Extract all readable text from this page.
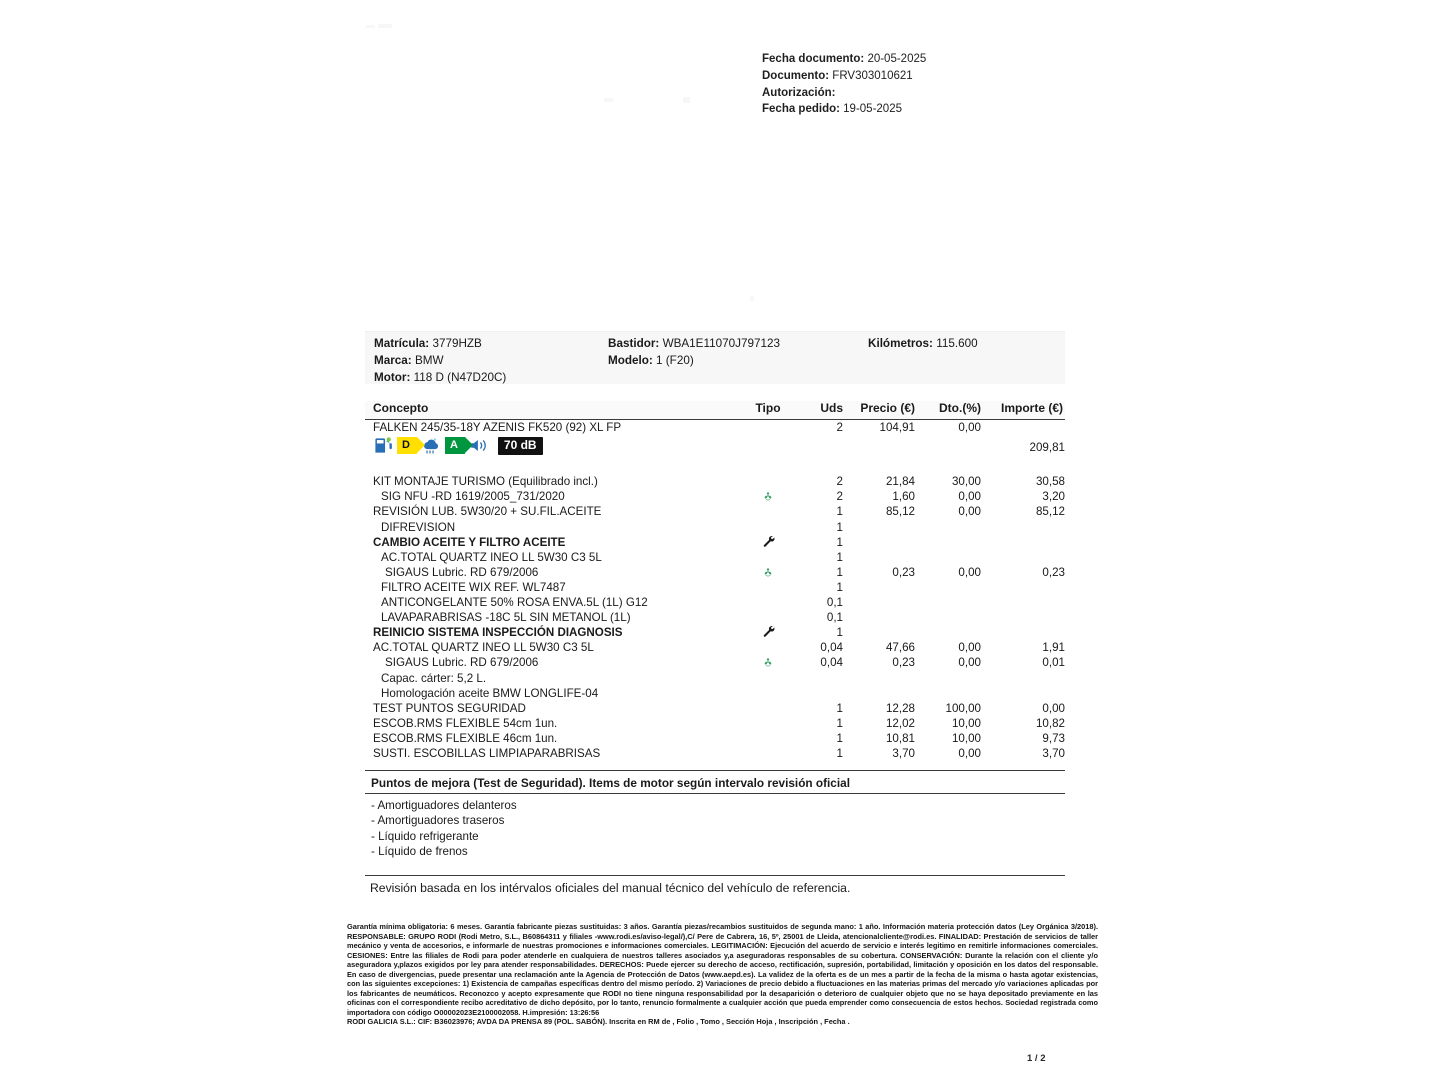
Fecha documento: 20-05-2025
Documento: FRV303010621
Autorización:
Fecha pedido: 19-05-2025
Matrícula: 3779HZB
Marca: BMW
Motor: 118 D (N47D20C)
Bastidor: WBA1E11070J797123
Modelo: 1 (F20)
Kilómetros: 115.600
Concepto	Tipo	Uds	Precio (€)	Dto.(%)	Importe (€)
FALKEN 245/35-18Y AZENIS FK520 (92) XL FP		2	104,91	0,00	

D A 70 dB					209,81

KIT MONTAJE TURISMO (Equilibrado incl.)		2	21,84	30,00	30,58
SIG NFU -RD 1619/2005_731/2020		2	1,60	0,00	3,20
REVISIÓN LUB. 5W30/20 + SU.FIL.ACEITE		1	85,12	0,00	85,12
DIFREVISION		1			
CAMBIO ACEITE Y FILTRO ACEITE		1			
AC.TOTAL QUARTZ INEO LL 5W30 C3 5L		1			
SIGAUS Lubric. RD 679/2006		1	0,23	0,00	0,23
FILTRO ACEITE WIX REF. WL7487		1			
ANTICONGELANTE 50% ROSA ENVA.5L (1L) G12		0,1			
LAVAPARABRISAS -18C 5L SIN METANOL (1L)		0,1			
REINICIO SISTEMA INSPECCIÓN DIAGNOSIS		1			
AC.TOTAL QUARTZ INEO LL 5W30 C3 5L		0,04	47,66	0,00	1,91
SIGAUS Lubric. RD 679/2006		0,04	0,23	0,00	0,01
Capac. cárter: 5,2 L.					
Homologación aceite BMW LONGLIFE-04					
TEST PUNTOS SEGURIDAD		1	12,28	100,00	0,00
ESCOB.RMS FLEXIBLE 54cm 1un.		1	12,02	10,00	10,82
ESCOB.RMS FLEXIBLE 46cm 1un.		1	10,81	10,00	9,73
SUSTI. ESCOBILLAS LIMPIAPARABRISAS		1	3,70	0,00	3,70
Puntos de mejora (Test de Seguridad). Items de motor según intervalo revisión oficial
- Amortiguadores delanteros
- Amortiguadores traseros
- Líquido refrigerante
- Líquido de frenos
Revisión basada en los intérvalos oficiales del manual técnico del vehículo de referencia.

Garantía mínima obligatoria: 6 meses. Garantía fabricante piezas sustituidas: 3 años. Garantía piezas/recambios sustituidos de segunda mano: 1 año. Información materia protección datos (Ley Orgánica 3/2018). RESPONSABLE: GRUPO RODI (Rodi Metro, S.L., B60864311 y filiales -www.rodi.es/aviso-legal/),C/ Pere de Cabrera, 16, 5º, 25001 de Lleida, atencionalcliente@rodi.es. FINALIDAD: Prestación de servicios de taller mecánico y venta de accesorios, e informarle de nuestras promociones e informaciones comerciales. LEGITIMACIÓN: Ejecución del acuerdo de servicio e interés legitimo en remitirle informaciones comerciales. CESIONES: Entre las filiales de Rodi para poder atenderle en cualquiera de nuestros talleres asociados y,a aseguradoras responsables de su cobertura. CONSERVACIÓN: Durante la relación con el cliente y/o aseguradora y,plazos exigidos por ley para atender responsabilidades. DERECHOS: Puede ejercer su derecho de acceso, rectificación, supresión, portabilidad, limitación y oposición en los datos del responsable. En caso de divergencias, puede presentar una reclamación ante la Agencia de Protección de Datos (www.aepd.es). La validez de la oferta es de un mes a partir de la fecha de la misma o hasta agotar existencias, con las siguientes excepciones: 1) Existencia de campañas específicas dentro del mismo período. 2) Variaciones de precio debido a fluctuaciones en las materias primas del mercado y/o variaciones aplicadas por los fabricantes de neumáticos. Reconozco y acepto expresamente que RODI no tiene ninguna responsabilidad por la desaparición o deterioro de cualquier objeto que no se haya depositado previamente en las oficinas con el correspondiente recibo acreditativo de dicho depósito, por lo tanto, renuncio formalmente a cualquier acción que pueda emprender como consecuencia de estos hechos. Sociedad registrada como importadora con código O00002023E2100002058. H.impresión: 13:26:56

RODI GALICIA S.L.: CIF: B36023976; AVDA DA PRENSA 89 (POL. SABÓN). Inscrita en RM de , Folio , Tomo , Sección Hoja , Inscripción , Fecha .

1 / 2
